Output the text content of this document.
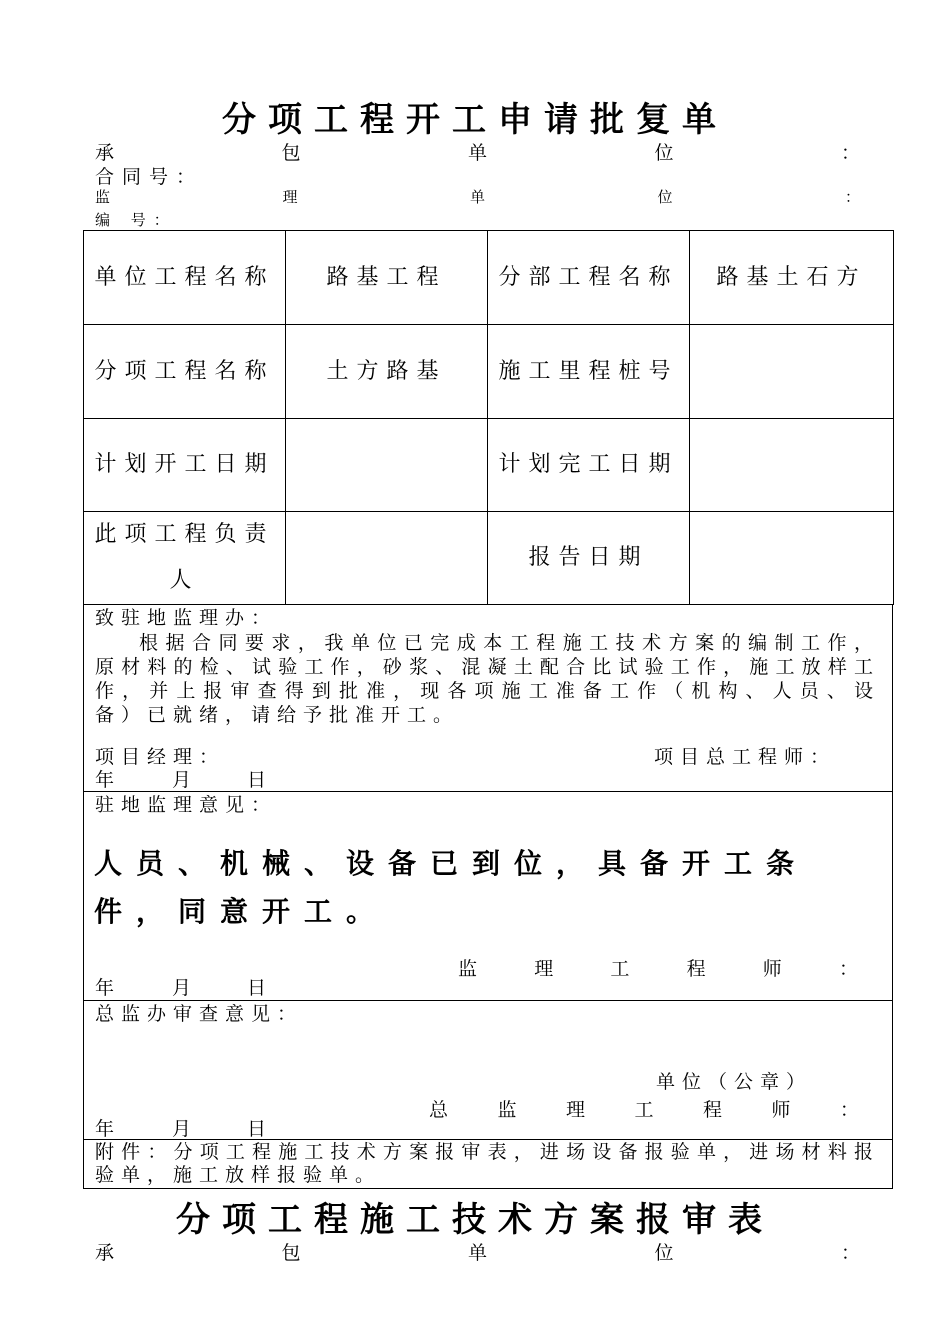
分项工程开工申请批复单
承	包	单	位	：
合同号：
监	理	单	位	：
编 号：
单位工程名称	路基工程	分部工程名称	路基土石方
分项工程名称	土方路基	施工里程桩号	
计划开工日期		计划完工日期	
此项工程负责人		报告日期	
致驻地监理办：
根据合同要求，我单位已完成本工程施工技术方案的编制工作，原材料的检、试验工作，砂浆、混凝土配合比试验工作，施工放样工作，并上报审查得到批准，现各项施工准备工作（机构、人员、设备）已就绪，请给予批准开工。
项目经理：	项目总工程师：
年	月	日
驻地监理意见：
人员、机械、设备已到位，具备开工条件，同意开工。
监	理	工	程	师	：
年	月	日
总监办审查意见：
单位（公章）
总	监	理	工	程	师	：
年	月	日
附件：分项工程施工技术方案报审表，进场设备报验单，进场材料报验单，施工放样报验单。
分项工程施工技术方案报审表
承	包	单	位	：
